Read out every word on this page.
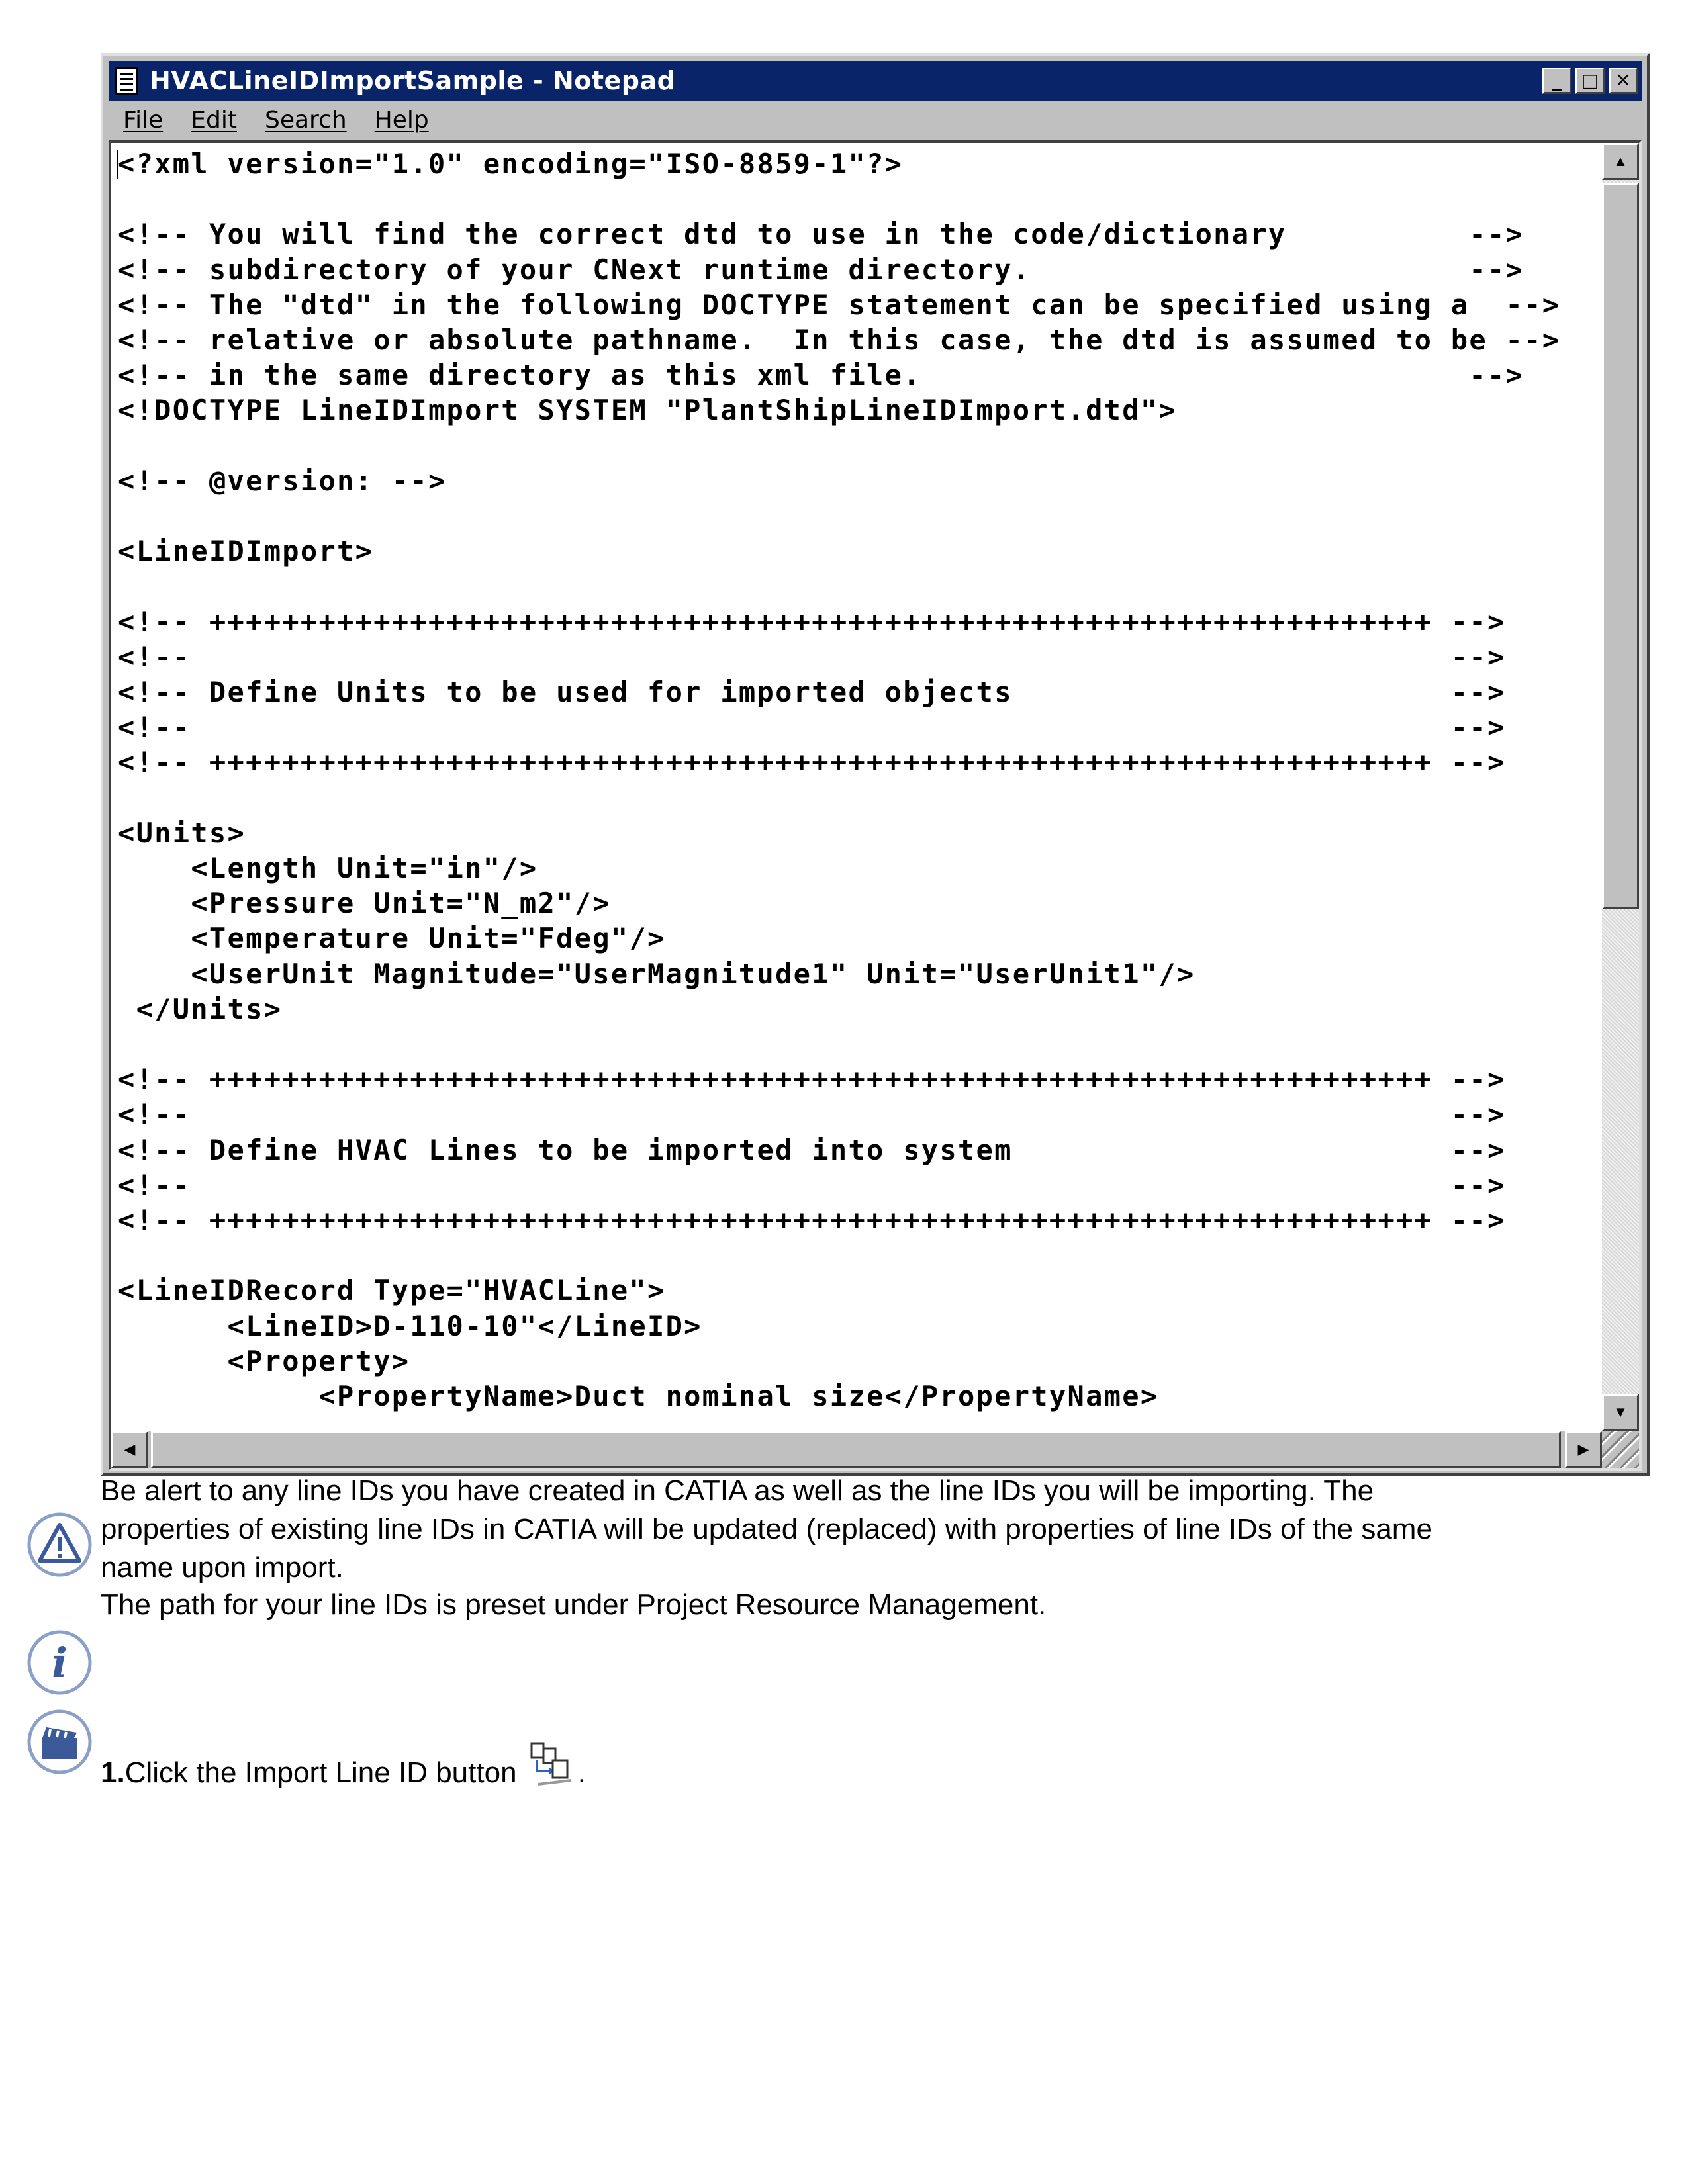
HVACLineIDImportSample - Notepad	_	□ ✕
File Edit Search Help
<?xml version="1.0" encoding="ISO-8859-1"?>
<!-- You will find the correct dtd to use in the code/dictionary          -->
<!-- subdirectory of your CNext runtime directory.                        -->
<!-- The "dtd" in the following DOCTYPE statement can be specified using a  -->
<!-- relative or absolute pathname.  In this case, the dtd is assumed to be -->
<!-- in the same directory as this xml file.                              -->
<!DOCTYPE LineIDImport SYSTEM "PlantShipLineIDImport.dtd">
<!-- @version: -->
<LineIDImport>
<!-- +++++++++++++++++++++++++++++++++++++++++++++++++++++++++++++++++++ -->
<!--                                                                     -->
<!-- Define Units to be used for imported objects                        -->
<!--                                                                     -->
<!-- +++++++++++++++++++++++++++++++++++++++++++++++++++++++++++++++++++ -->
<Units>
<Length Unit="in"/>
<Pressure Unit="N_m2"/>
<Temperature Unit="Fdeg"/>
<UserUnit Magnitude="UserMagnitude1" Unit="UserUnit1"/>
</Units>
<!-- +++++++++++++++++++++++++++++++++++++++++++++++++++++++++++++++++++ -->
<!--                                                                     -->
<!-- Define HVAC Lines to be imported into system                        -->
<!--                                                                     -->
<!-- +++++++++++++++++++++++++++++++++++++++++++++++++++++++++++++++++++ -->
<LineIDRecord Type="HVACLine">
<LineID>D-110-10"</LineID>
<Property>
<PropertyName>Duct nominal size</PropertyName>
▲
▼
◀	▶
Be alert to any line IDs you have created in CATIA as well as the line IDs you will be importing. The
properties of existing line IDs in CATIA will be updated (replaced) with properties of line IDs of the same
name upon import.
The path for your line IDs is preset under Project Resource Management.
i
1.Click the Import Line ID button .
